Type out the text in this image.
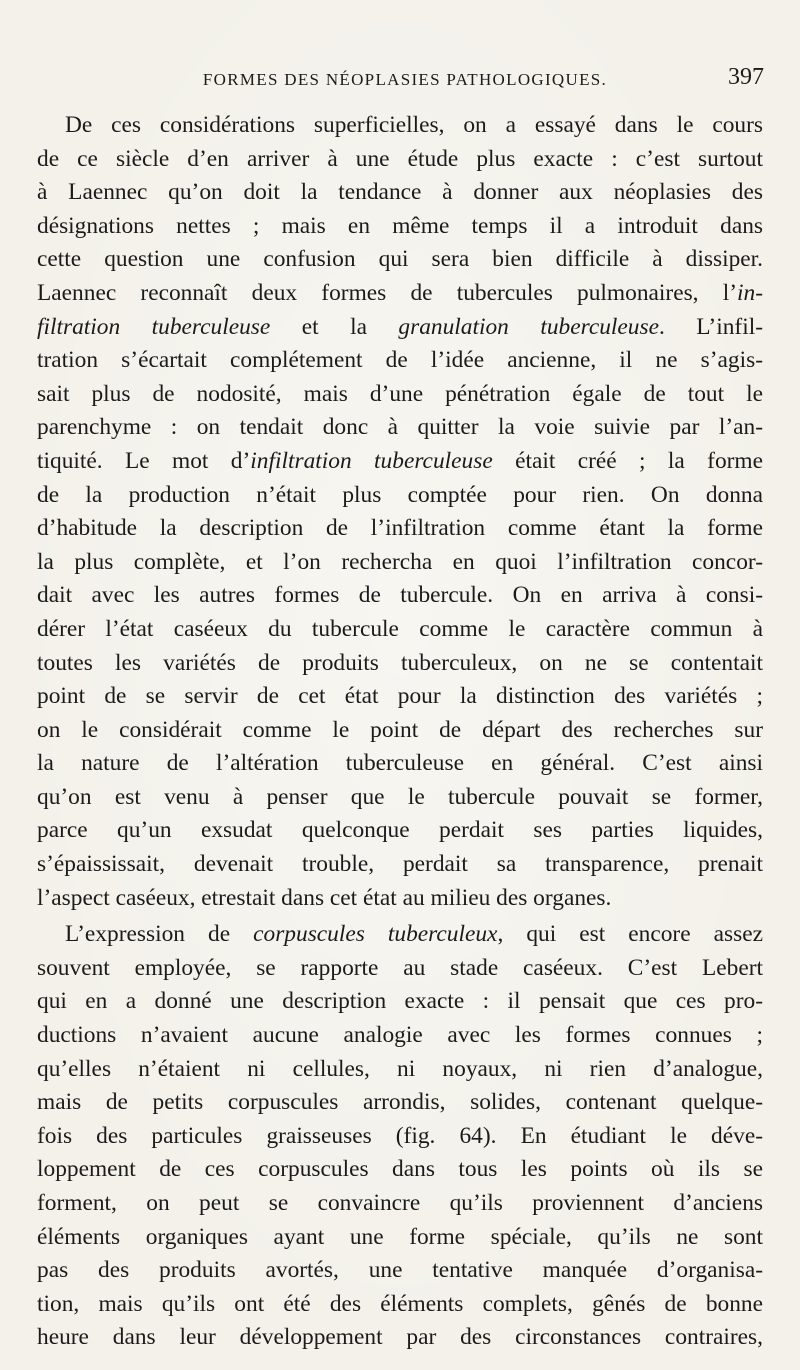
FORMES DES NÉOPLASIES PATHOLOGIQUES.	397
De ces considérations superficielles, on a essayé dans le cours
de ce siècle d’en arriver à une étude plus exacte : c’est surtout
à Laennec qu’on doit la tendance à donner aux néoplasies des
désignations nettes ; mais en même temps il a introduit dans
cette question une confusion qui sera bien difficile à dissiper.
Laennec reconnaît deux formes de tubercules pulmonaires, l’in-
filtration tuberculeuse et la granulation tuberculeuse. L’infil-
tration s’écartait complétement de l’idée ancienne, il ne s’agis-
sait plus de nodosité, mais d’une pénétration égale de tout le
parenchyme : on tendait donc à quitter la voie suivie par l’an-
tiquité. Le mot d’infiltration tuberculeuse était créé ; la forme
de la production n’était plus comptée pour rien. On donna
d’habitude la description de l’infiltration comme étant la forme
la plus complète, et l’on rechercha en quoi l’infiltration concor-
dait avec les autres formes de tubercule. On en arriva à consi-
dérer l’état caséeux du tubercule comme le caractère commun à
toutes les variétés de produits tuberculeux, on ne se contentait
point de se servir de cet état pour la distinction des variétés ;
on le considérait comme le point de départ des recherches sur
la nature de l’altération tuberculeuse en général. C’est ainsi
qu’on est venu à penser que le tubercule pouvait se former,
parce qu’un exsudat quelconque perdait ses parties liquides,
s’épaississait, devenait trouble, perdait sa transparence, prenait
l’aspect caséeux, etrestait dans cet état au milieu des organes.
L’expression de corpuscules tuberculeux, qui est encore assez
souvent employée, se rapporte au stade caséeux. C’est Lebert
qui en a donné une description exacte : il pensait que ces pro-
ductions n’avaient aucune analogie avec les formes connues ;
qu’elles n’étaient ni cellules, ni noyaux, ni rien d’analogue,
mais de petits corpuscules arrondis, solides, contenant quelque-
fois des particules graisseuses (fig. 64). En étudiant le déve-
loppement de ces corpuscules dans tous les points où ils se
forment, on peut se convaincre qu’ils proviennent d’anciens
éléments organiques ayant une forme spéciale, qu’ils ne sont
pas des produits avortés, une tentative manquée d’organisa-
tion, mais qu’ils ont été des éléments complets, gênés de bonne
heure dans leur développement par des circonstances contraires,
